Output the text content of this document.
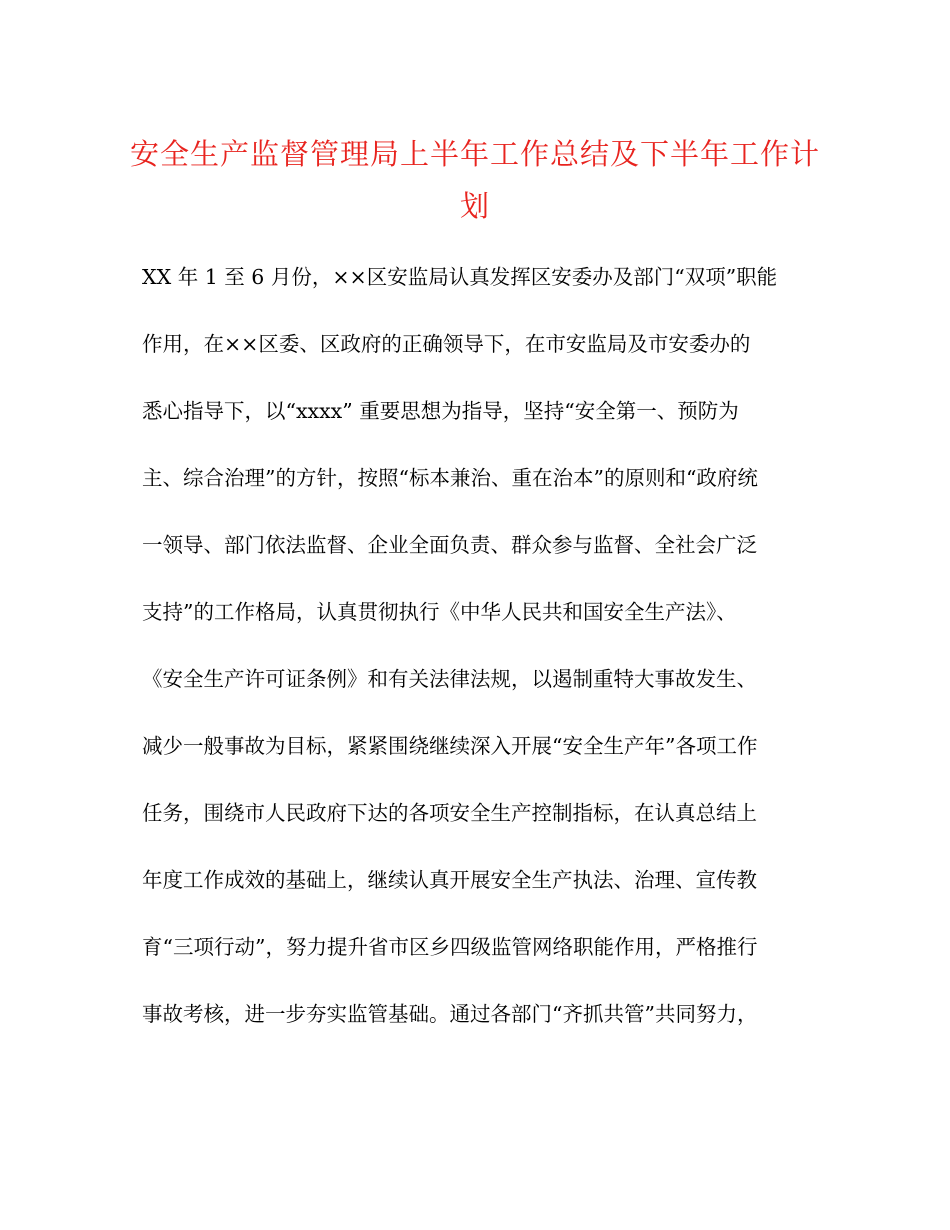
安全生产监督管理局上半年工作总结及下半年工作计
划
XX 年 1 至 6 月份，××区安监局认真发挥区安委办及部门“双项”职能
作用，在××区委、区政府的正确领导下，在市安监局及市安委办的
悉心指导下，以“xxxx” 重要思想为指导，坚持“安全第一、预防为
主、综合治理”的方针，按照“标本兼治、重在治本”的原则和“政府统
一领导、部门依法监督、企业全面负责、群众参与监督、全社会广泛
支持”的工作格局，认真贯彻执行《中华人民共和国安全生产法》、
《安全生产许可证条例》和有关法律法规，以遏制重特大事故发生、
减少一般事故为目标，紧紧围绕继续深入开展“安全生产年”各项工作
任务，围绕市人民政府下达的各项安全生产控制指标，在认真总结上
年度工作成效的基础上，继续认真开展安全生产执法、治理、宣传教
育“三项行动”，努力提升省市区乡四级监管网络职能作用，严格推行
事故考核，进一步夯实监管基础。通过各部门“齐抓共管”共同努力，
